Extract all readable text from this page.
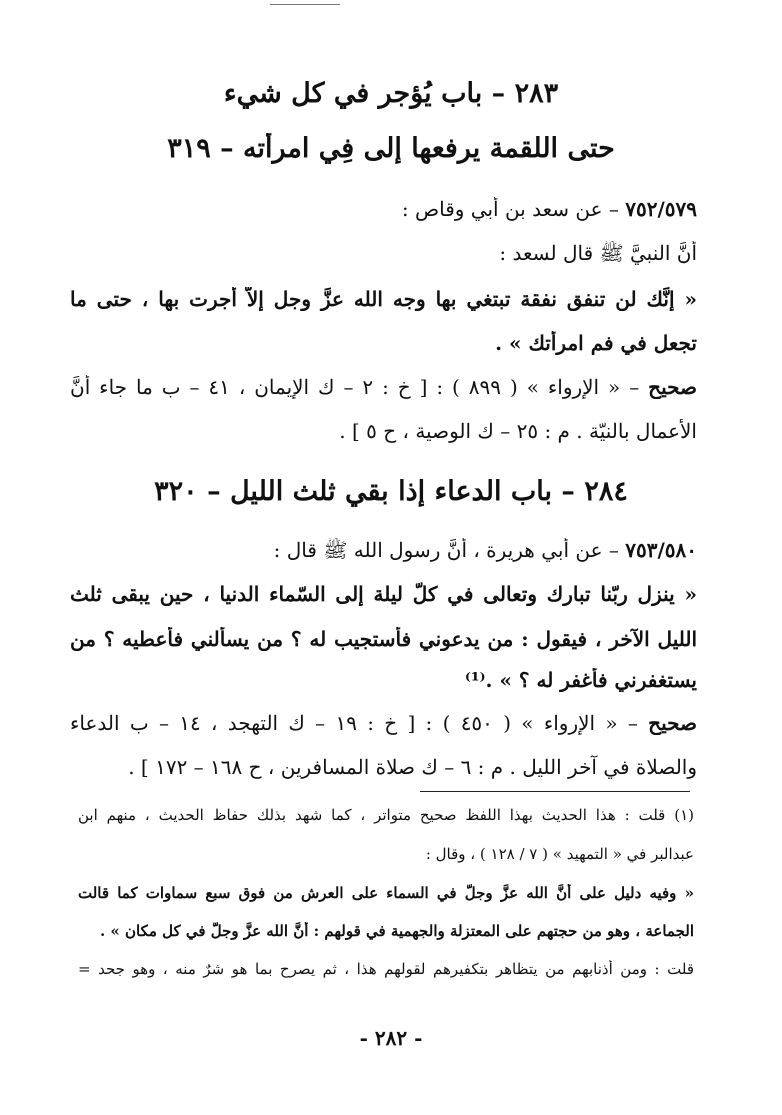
٢٨٣ – باب يُؤجر في كل شيء
حتى اللقمة يرفعها إلى فِي امرأته – ٣١٩
٧٥٢/٥٧٩ – عن سعد بن أبي وقاص :
أنَّ النبيَّ ﷺ قال لسعد :
« إنَّك لن تنفق نفقة تبتغي بها وجه الله عزَّ وجل إلاّ أجرت بها ، حتى ما
تجعل في فم امرأتك » .
صحيح – « الإرواء » ( ٨٩٩ ) : [ خ : ٢ – ك الإيمان ، ٤١ – ب ما جاء أنَّ
الأعمال بالنيّة . م : ٢٥ – ك الوصية ، ح ٥ ] .
٢٨٤ – باب الدعاء إذا بقي ثلث الليل – ٣٢٠
٧٥٣/٥٨٠ – عن أبي هريرة ، أنَّ رسول الله ﷺ قال :
« ينزل ربّنا تبارك وتعالى في كلّ ليلة إلى السّماء الدنيا ، حين يبقى ثلث
الليل الآخر ، فيقول : من يدعوني فأستجيب له ؟ من يسألني فأعطيه ؟ من
يستغفرني فأغفر له ؟ » .⁽¹⁾
صحيح – « الإرواء » ( ٤٥٠ ) : [ خ : ١٩ – ك التهجد ، ١٤ – ب الدعاء
والصلاة في آخر الليل . م : ٦ – ك صلاة المسافرين ، ح ١٦٨ – ١٧٢ ] .
(١) قلت : هذا الحديث بهذا اللفظ صحيح متواتر ، كما شهد بذلك حفاظ الحديث ، منهم ابن
عبدالبر في « التمهيد » ( ٧ / ١٢٨ ) ، وقال :
« وفيه دليل على أنَّ الله عزَّ وجلَّ في السماء على العرش من فوق سبع سماوات كما قالت
الجماعة ، وهو من حجتهم على المعتزلة والجهمية في قولهم : أنَّ الله عزَّ وجلَّ في كل مكان » .
قلت : ومن أذنابهم من يتظاهر بتكفيرهم لقولهم هذا ، ثم يصرح بما هو شرٌ منه ، وهو جحد =
- ٢٨٢ -
